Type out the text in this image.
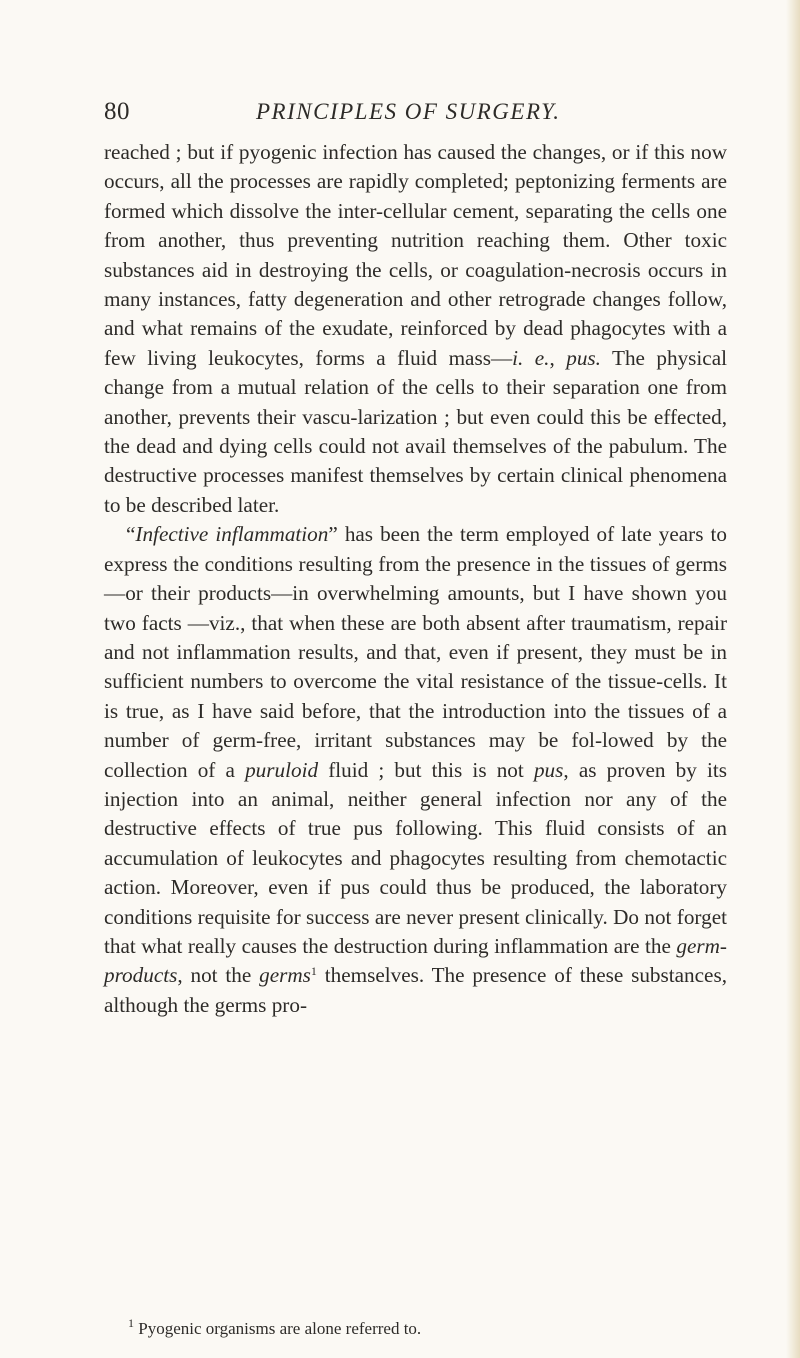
80	PRINCIPLES OF SURGERY.

reached ; but if pyogenic infection has caused the changes, or if this now occurs, all the processes are rapidly completed; peptonizing ferments are formed which dissolve the inter-cellular cement, separating the cells one from another, thus preventing nutrition reaching them. Other toxic substances aid in destroying the cells, or coagulation-necrosis occurs in many instances, fatty degeneration and other retrograde changes follow, and what remains of the exudate, reinforced by dead phagocytes with a few living leukocytes, forms a fluid mass—i. e., pus. The physical change from a mutual relation of the cells to their separation one from another, prevents their vascu-larization ; but even could this be effected, the dead and dying cells could not avail themselves of the pabulum. The destructive processes manifest themselves by certain clinical phenomena to be described later.

“Infective inflammation” has been the term employed of late years to express the conditions resulting from the presence in the tissues of germs—or their products—in overwhelming amounts, but I have shown you two facts —viz., that when these are both absent after traumatism, repair and not inflammation results, and that, even if present, they must be in sufficient numbers to overcome the vital resistance of the tissue-cells. It is true, as I have said before, that the introduction into the tissues of a number of germ-free, irritant substances may be fol-lowed by the collection of a puruloid fluid ; but this is not pus, as proven by its injection into an animal, neither general infection nor any of the destructive effects of true pus following. This fluid consists of an accumulation of leukocytes and phagocytes resulting from chemotactic action. Moreover, even if pus could thus be produced, the laboratory conditions requisite for success are never present clinically. Do not forget that what really causes the destruction during inflammation are the germ-products, not the germs$^1$ themselves. The presence of these substances, although the germs pro-

$^1$ Pyogenic organisms are alone referred to.
